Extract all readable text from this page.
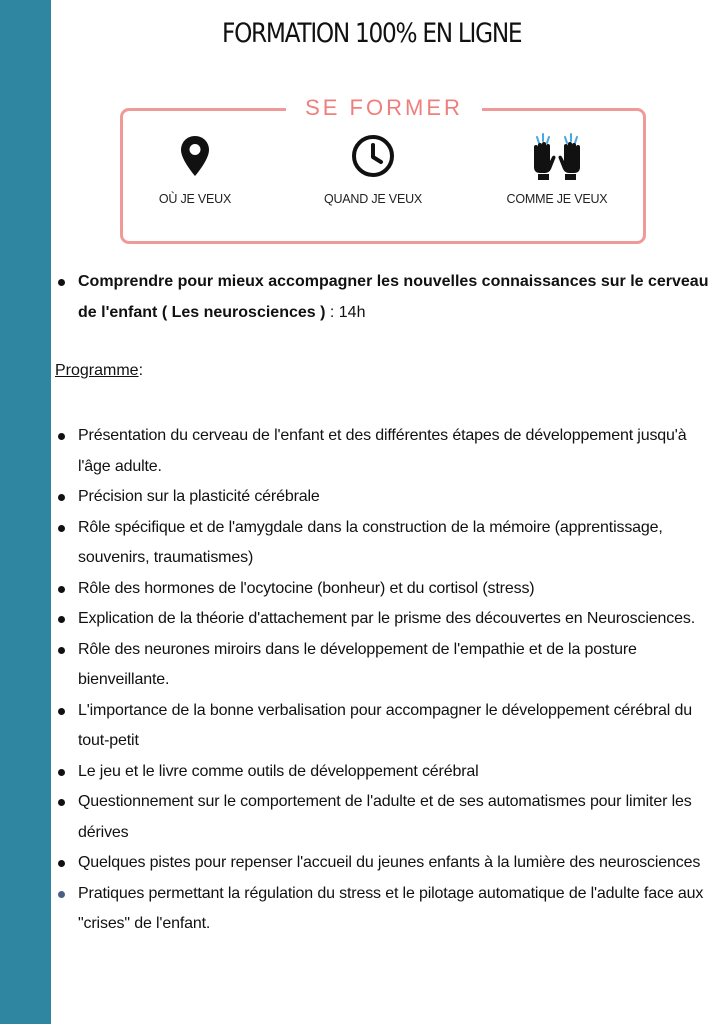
FORMATION 100% EN LIGNE
SE FORMER
OÙ JE VEUX	QUAND JE VEUX	COMME JE VEUX
Comprendre pour mieux accompagner les nouvelles connaissances sur le cerveau de l'enfant ( Les neurosciences ) : 14h
Programme:
Présentation du cerveau de l'enfant et des différentes étapes de développement jusqu'à l'âge adulte.
Précision sur la plasticité cérébrale
Rôle spécifique et de l'amygdale dans la construction de la mémoire (apprentissage, souvenirs, traumatismes)
Rôle des hormones de l'ocytocine (bonheur) et du cortisol (stress)
Explication de la théorie d'attachement par le prisme des découvertes en Neurosciences.
Rôle des neurones miroirs dans le développement de l'empathie et de la posture bienveillante.
L'importance de la bonne verbalisation pour accompagner le développement cérébral du tout-petit
Le jeu et le livre comme outils de développement cérébral
Questionnement sur le comportement de l'adulte et de ses automatismes pour limiter les dérives
Quelques pistes pour repenser l'accueil du jeunes enfants à la lumière des neurosciences
Pratiques permettant la régulation du stress et le pilotage automatique de l'adulte face aux "crises" de l'enfant.
